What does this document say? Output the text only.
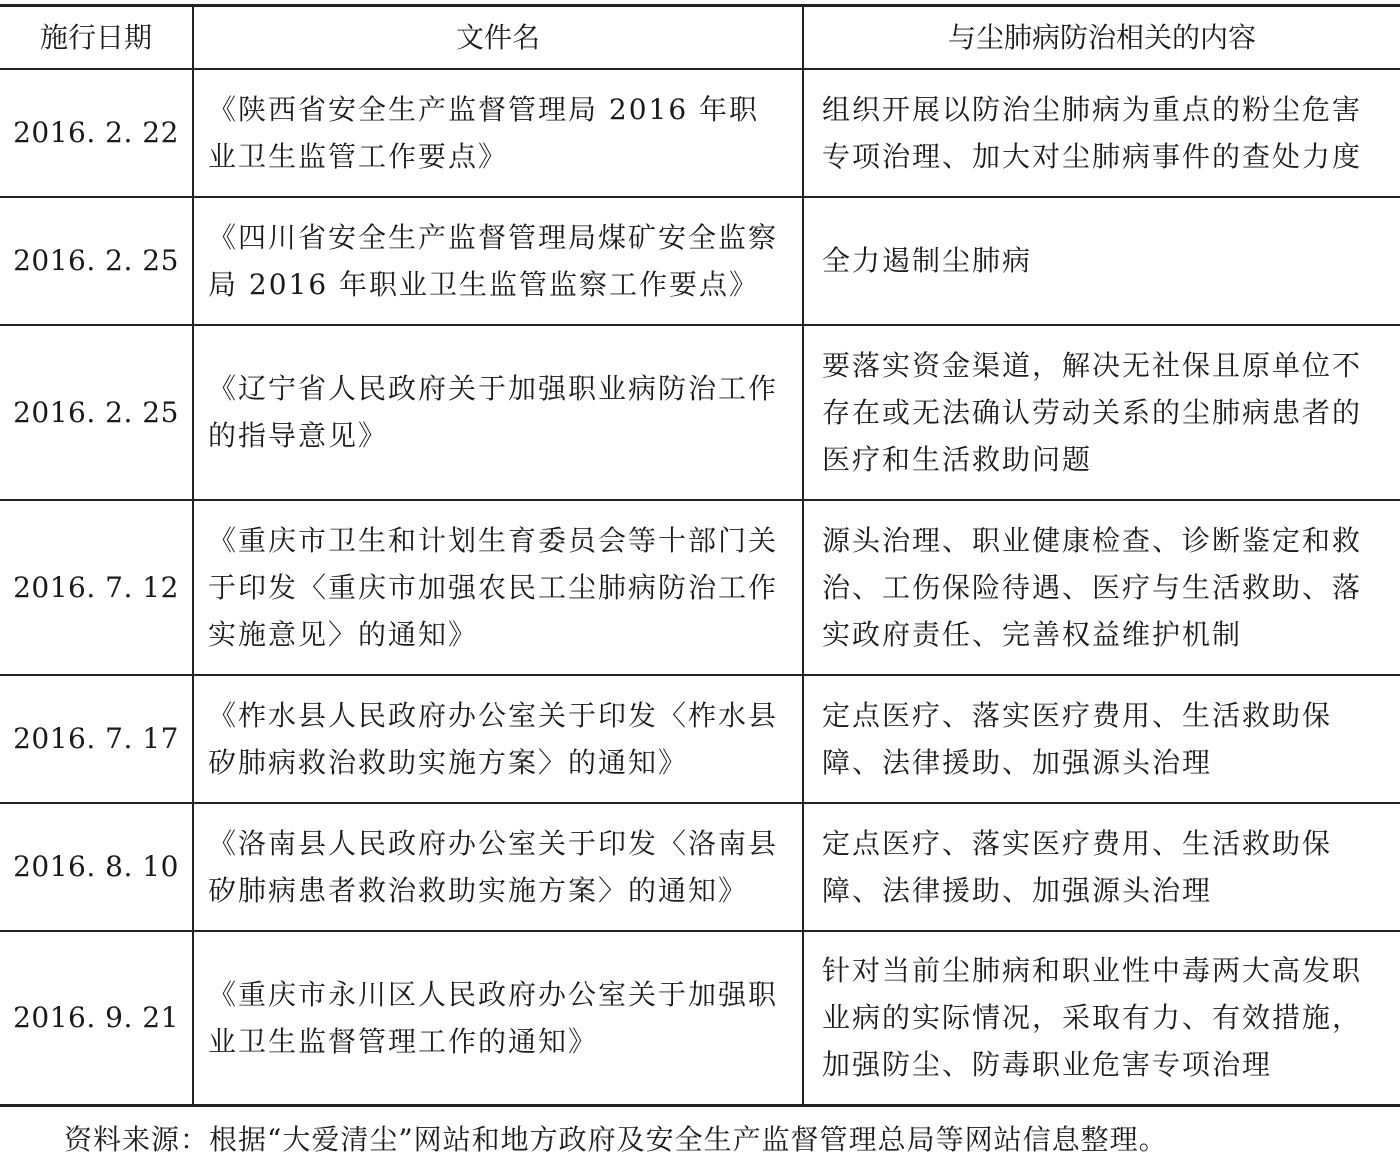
施行日期	文件名	与尘肺病防治相关的内容
2016. 2. 22	《陕西省安全生产监督管理局 2016 年职业卫生监管工作要点》	组织开展以防治尘肺病为重点的粉尘危害专项治理、加大对尘肺病事件的查处力度
2016. 2. 25	《四川省安全生产监督管理局煤矿安全监察局 2016 年职业卫生监管监察工作要点》	全力遏制尘肺病
2016. 2. 25	《辽宁省人民政府关于加强职业病防治工作的指导意见》	要落实资金渠道，解决无社保且原单位不存在或无法确认劳动关系的尘肺病患者的医疗和生活救助问题
2016. 7. 12	《重庆市卫生和计划生育委员会等十部门关于印发〈重庆市加强农民工尘肺病防治工作实施意见〉的通知》	源头治理、职业健康检查、诊断鉴定和救治、工伤保险待遇、医疗与生活救助、落实政府责任、完善权益维护机制
2016. 7. 17	《柞水县人民政府办公室关于印发〈柞水县矽肺病救治救助实施方案〉的通知》	定点医疗、落实医疗费用、生活救助保障、法律援助、加强源头治理
2016. 8. 10	《洛南县人民政府办公室关于印发〈洛南县矽肺病患者救治救助实施方案〉的通知》	定点医疗、落实医疗费用、生活救助保障、法律援助、加强源头治理
2016. 9. 21	《重庆市永川区人民政府办公室关于加强职业卫生监督管理工作的通知》	针对当前尘肺病和职业性中毒两大高发职业病的实际情况，采取有力、有效措施，加强防尘、防毒职业危害专项治理
资料来源：根据“大爱清尘”网站和地方政府及安全生产监督管理总局等网站信息整理。
